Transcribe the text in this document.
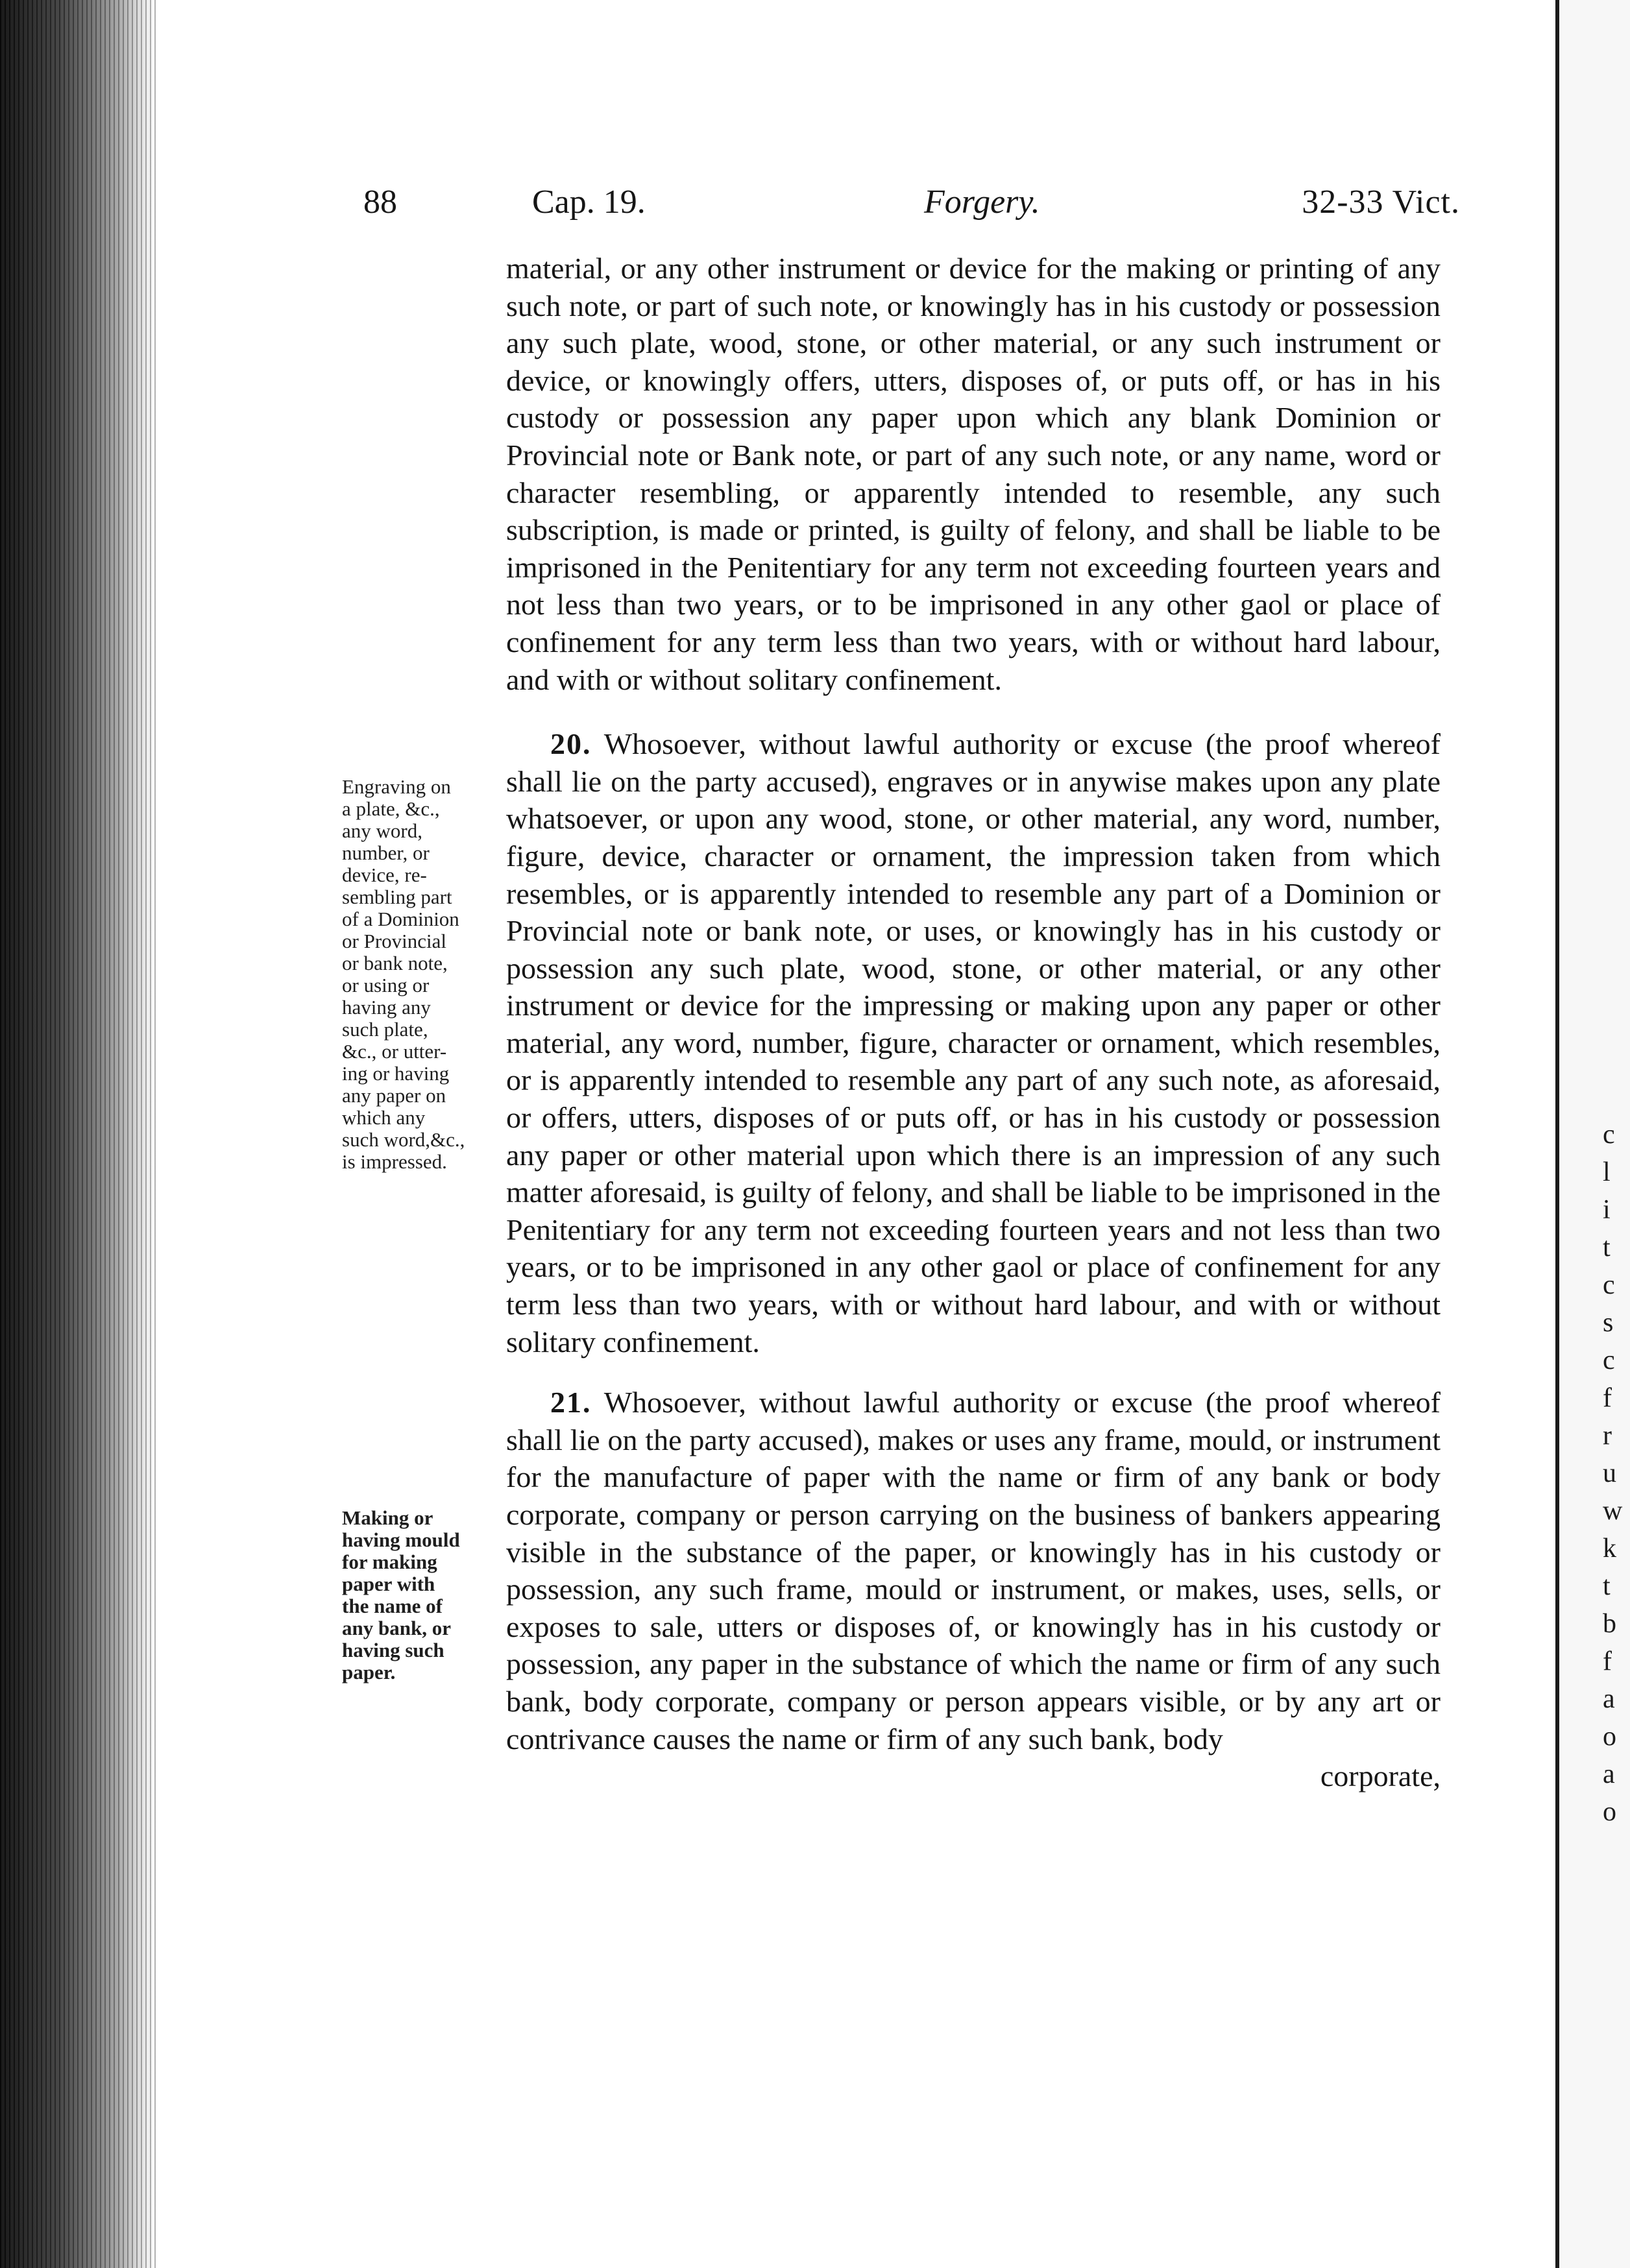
c
l
i
t
c
s
c
f
r
u
w
k
t
b
f
a
o
a
o
88	Cap. 19.	Forgery.	32-33 Vict.

material, or any other instrument or device for the making or printing of any such note, or part of such note, or knowingly has in his custody or possession any such plate, wood, stone, or other material, or any such instrument or device, or knowingly offers, utters, disposes of, or puts off, or has in his custody or possession any paper upon which any blank Dominion or Provincial note or Bank note, or part of any such note, or any name, word or character resembling, or apparently intended to resemble, any such subscription, is made or printed, is guilty of felony, and shall be liable to be imprisoned in the Penitentiary for any term not exceeding fourteen years and not less than two years, or to be imprisoned in any other gaol or place of confinement for any term less than two years, with or without hard labour, and with or without solitary confinement.

20. Whosoever, without lawful authority or excuse (the proof whereof shall lie on the party accused), engraves or in anywise makes upon any plate whatsoever, or upon any wood, stone, or other material, any word, number, figure, device, character or ornament, the impression taken from which resembles, or is apparently intended to resemble any part of a Dominion or Provincial note or bank note, or uses, or knowingly has in his custody or possession any such plate, wood, stone, or other material, or any other instrument or device for the impressing or making upon any paper or other material, any word, number, figure, character or ornament, which resembles, or is apparently intended to resemble any part of any such note, as aforesaid, or offers, utters, disposes of or puts off, or has in his custody or possession any paper or other material upon which there is an impression of any such matter aforesaid, is guilty of felony, and shall be liable to be imprisoned in the Penitentiary for any term not exceeding fourteen years and not less than two years, or to be imprisoned in any other gaol or place of confinement for any term less than two years, with or without hard labour, and with or without solitary confinement.

21. Whosoever, without lawful authority or excuse (the proof whereof shall lie on the party accused), makes or uses any frame, mould, or instrument for the manufacture of paper with the name or firm of any bank or body corporate, company or person carrying on the business of bankers appearing visible in the substance of the paper, or knowingly has in his custody or possession, any such frame, mould or instrument, or makes, uses, sells, or exposes to sale, utters or disposes of, or knowingly has in his custody or possession, any paper in the substance of which the name or firm of any such bank, body corporate, company or person appears visible, or by any art or contrivance causes the name or firm of any such bank, body

corporate,

Engraving on
a plate, &c.,
any word,
number, or
device, re-
sembling part
of a Dominion
or Provincial
or bank note,
or using or
having any
such plate,
&c., or utter-
ing or having
any paper on
which any
such word,&c.,
is impressed.
Making or
having mould
for making
paper with
the name of
any bank, or
having such
paper.
